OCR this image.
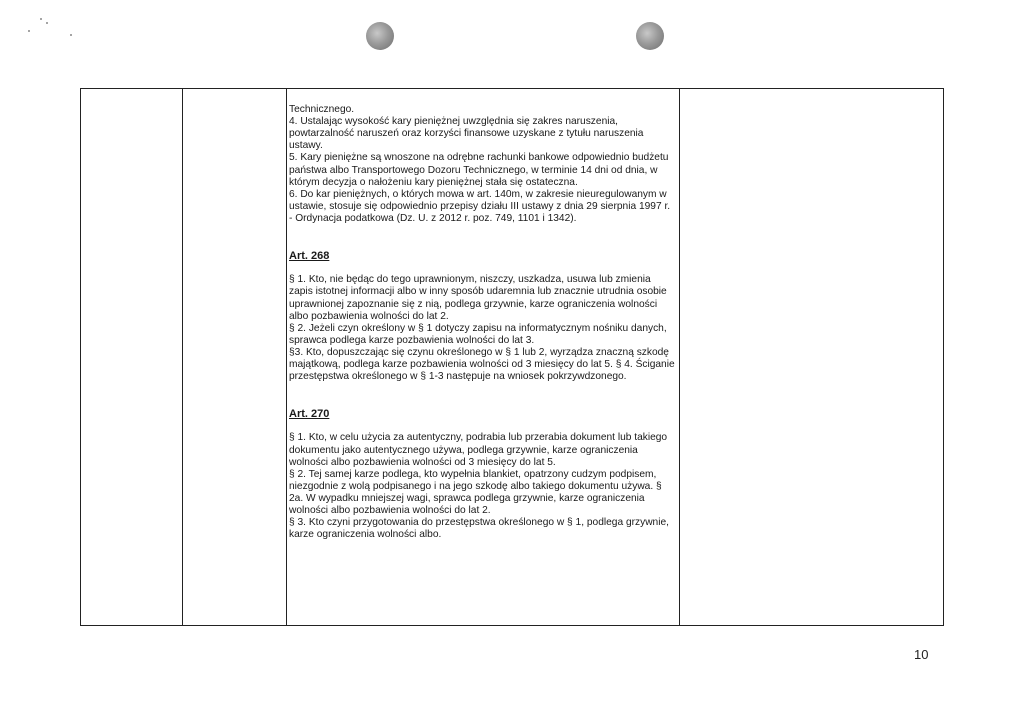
Technicznego.
4. Ustalając wysokość kary pieniężnej uwzględnia się zakres naruszenia, powtarzalność naruszeń oraz korzyści finansowe uzyskane z tytułu naruszenia ustawy.
5. Kary pieniężne są wnoszone na odrębne rachunki bankowe odpowiednio budżetu państwa albo Transportowego Dozoru Technicznego, w terminie 14 dni od dnia, w którym decyzja o nałożeniu kary pieniężnej stała się ostateczna.
6. Do kar pieniężnych, o których mowa w art. 140m, w zakresie nieuregulowanym w ustawie, stosuje się odpowiednio przepisy działu III ustawy z dnia 29 sierpnia 1997 r. - Ordynacja podatkowa (Dz. U. z 2012 r. poz. 749, 1101 i 1342).

Art. 268

§ 1. Kto, nie będąc do tego uprawnionym, niszczy, uszkadza, usuwa lub zmienia zapis istotnej informacji albo w inny sposób udaremnia lub znacznie utrudnia osobie uprawnionej zapoznanie się z nią, podlega grzywnie, karze ograniczenia wolności albo pozbawienia wolności do lat 2.
§ 2. Jeżeli czyn określony w § 1 dotyczy zapisu na informatycznym nośniku danych, sprawca podlega karze pozbawienia wolności do lat 3.
§3. Kto, dopuszczając się czynu określonego w § 1 lub 2, wyrządza znaczną szkodę majątkową, podlega karze pozbawienia wolności od 3 miesięcy do lat 5. § 4. Ściganie przestępstwa określonego w § 1-3 następuje na wniosek pokrzywdzonego.

Art. 270

§ 1. Kto, w celu użycia za autentyczny, podrabia lub przerabia dokument lub takiego dokumentu jako autentycznego używa, podlega grzywnie, karze ograniczenia wolności albo pozbawienia wolności od 3 miesięcy do lat 5.
§ 2. Tej samej karze podlega, kto wypełnia blankiet, opatrzony cudzym podpisem, niezgodnie z wolą podpisanego i na jego szkodę albo takiego dokumentu używa. § 2a. W wypadku mniejszej wagi, sprawca podlega grzywnie, karze ograniczenia wolności albo pozbawienia wolności do lat 2.
§ 3. Kto czyni przygotowania do przestępstwa określonego w § 1, podlega grzywnie, karze ograniczenia wolności albo.

10
